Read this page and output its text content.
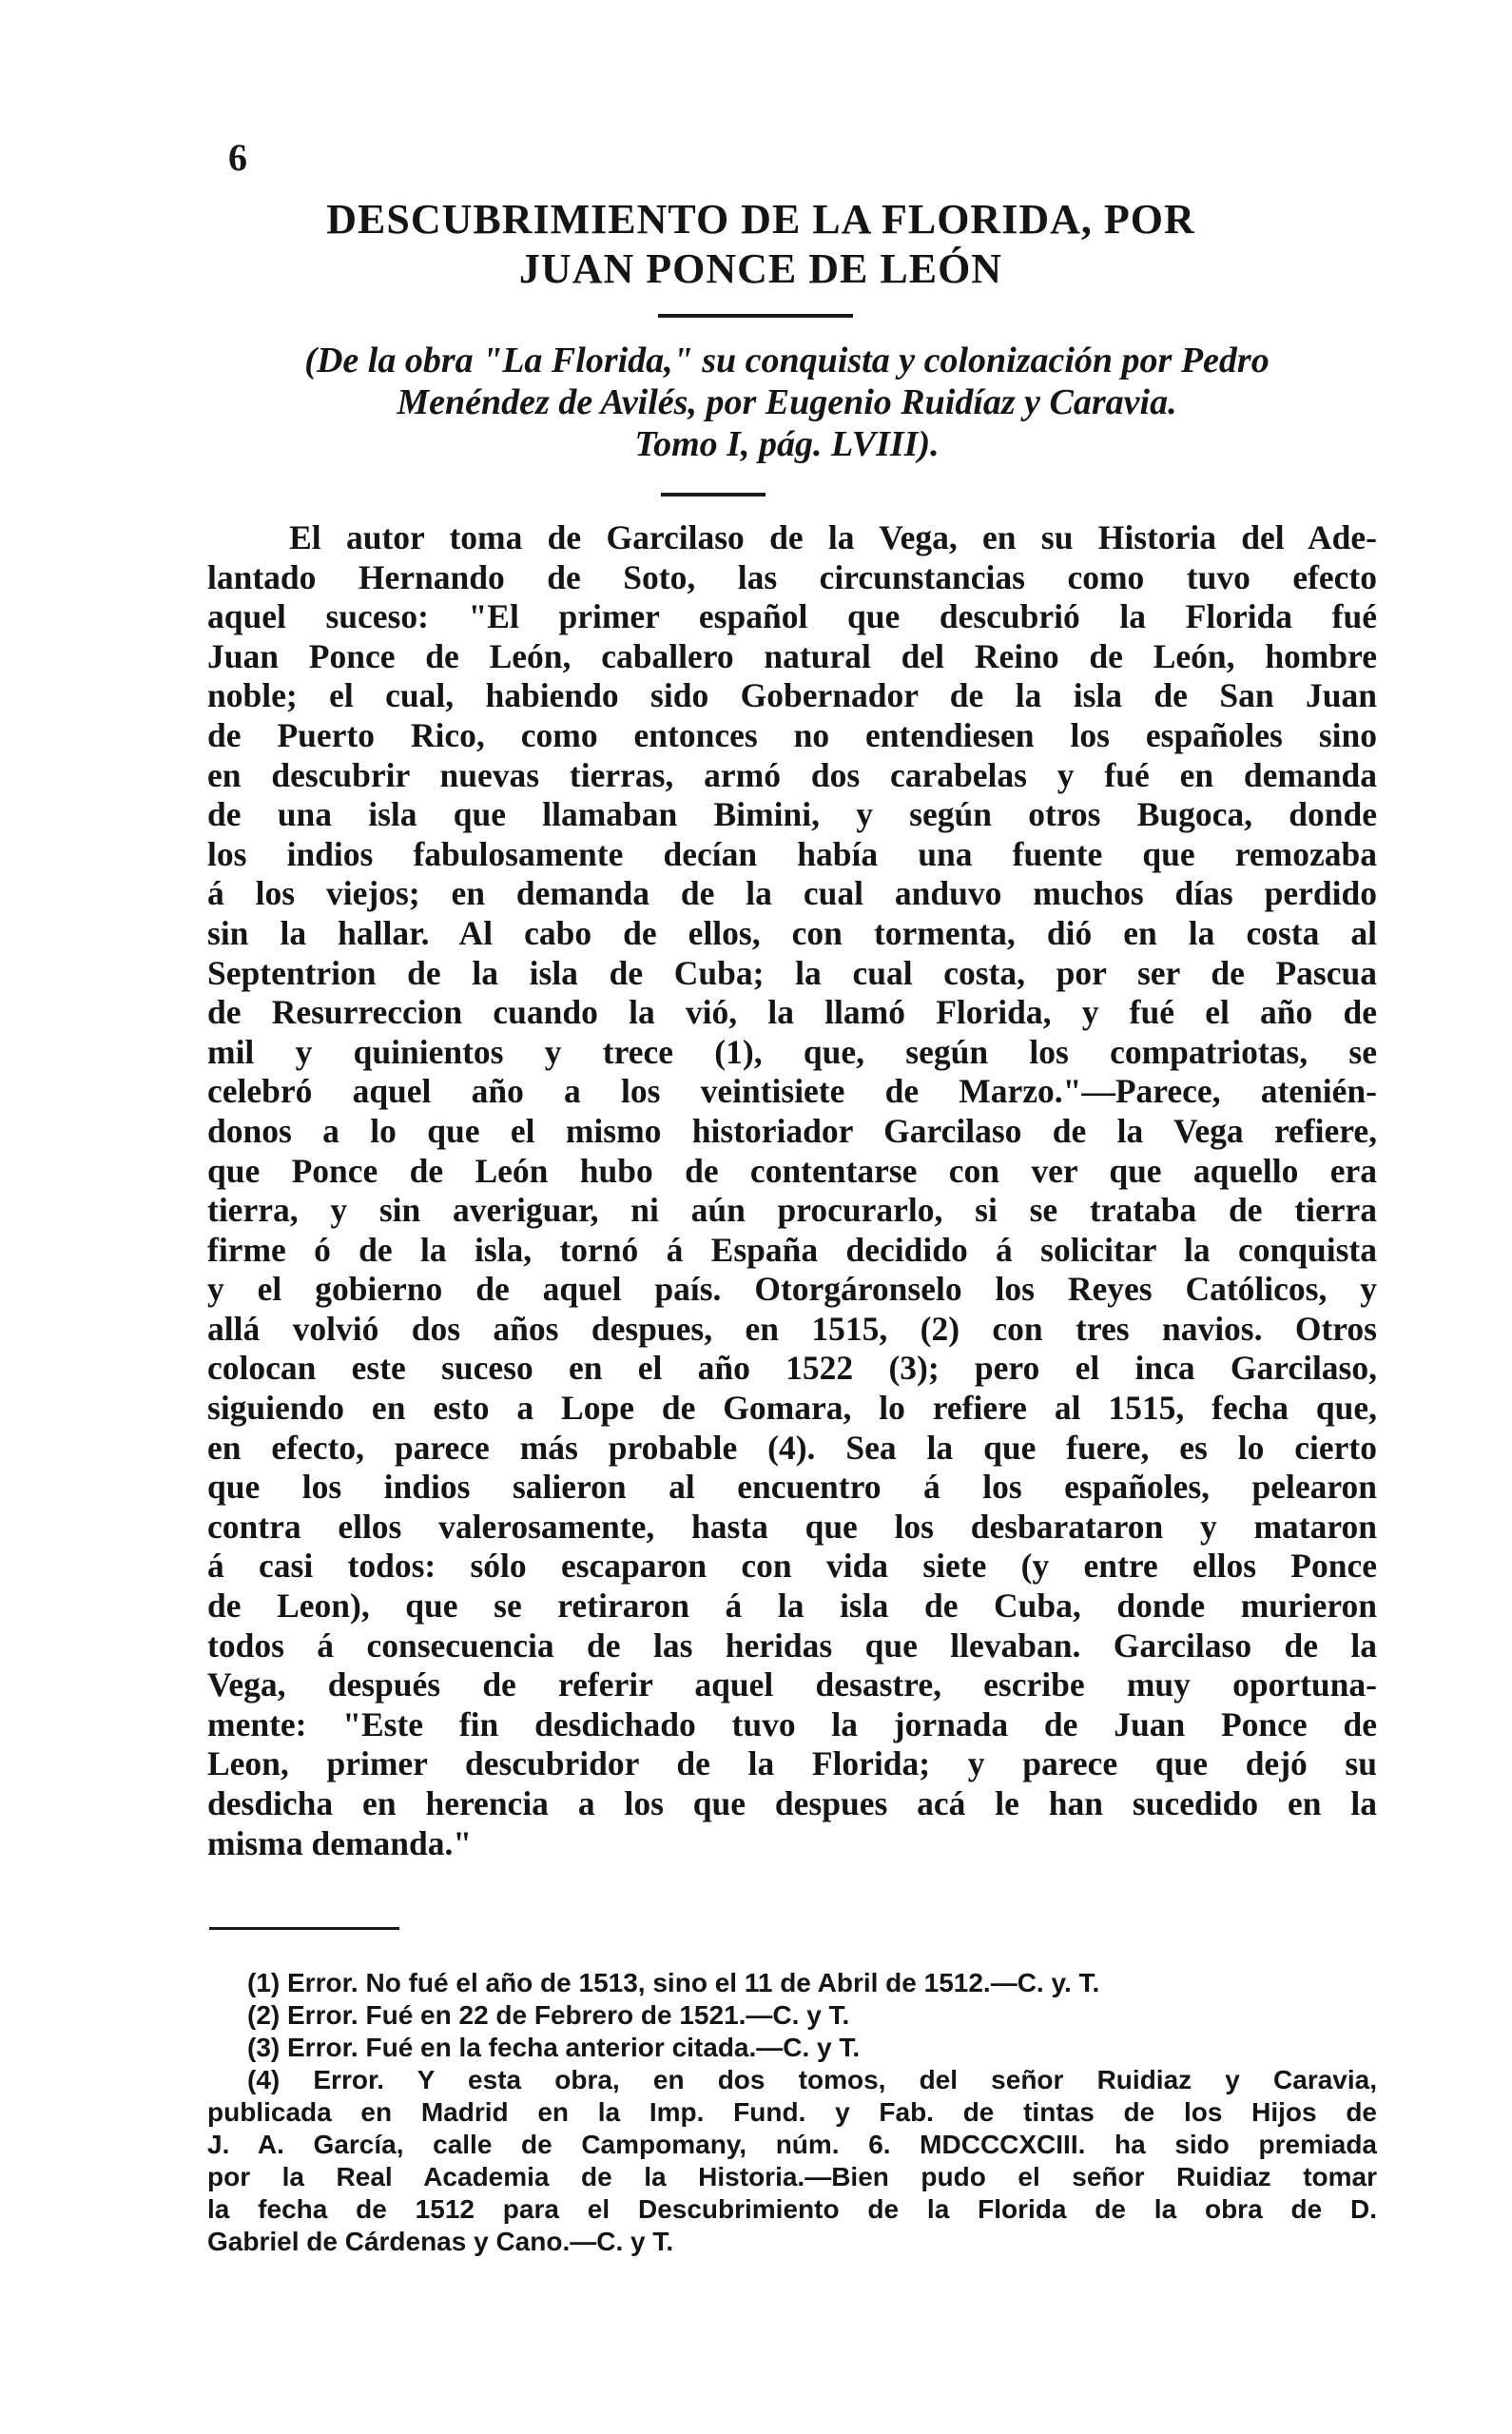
6
DESCUBRIMIENTO DE LA FLORIDA, POR
JUAN PONCE DE LEÓN
(De la obra "La Florida," su conquista y colonización por Pedro
Menéndez de Avilés, por Eugenio Ruidíaz y Caravia.
Tomo I, pág. LVIII).
El autor toma de Garcilaso de la Vega, en su Historia del Ade-
lantado Hernando de Soto, las circunstancias como tuvo efecto
aquel suceso: "El primer español que descubrió la Florida fué
Juan Ponce de León, caballero natural del Reino de León, hombre
noble; el cual, habiendo sido Gobernador de la isla de San Juan
de Puerto Rico, como entonces no entendiesen los españoles sino
en descubrir nuevas tierras, armó dos carabelas y fué en demanda
de una isla que llamaban Bimini, y según otros Bugoca, donde
los indios fabulosamente decían había una fuente que remozaba
á los viejos; en demanda de la cual anduvo muchos días perdido
sin la hallar. Al cabo de ellos, con tormenta, dió en la costa al
Septentrion de la isla de Cuba; la cual costa, por ser de Pascua
de Resurreccion cuando la vió, la llamó Florida, y fué el año de
mil y quinientos y trece (1), que, según los compatriotas, se
celebró aquel año a los veintisiete de Marzo."—Parece, atenién-
donos a lo que el mismo historiador Garcilaso de la Vega refiere,
que Ponce de León hubo de contentarse con ver que aquello era
tierra, y sin averiguar, ni aún procurarlo, si se trataba de tierra
firme ó de la isla, tornó á España decidido á solicitar la conquista
y el gobierno de aquel país. Otorgáronselo los Reyes Católicos, y
allá volvió dos años despues, en 1515, (2) con tres navios. Otros
colocan este suceso en el año 1522 (3); pero el inca Garcilaso,
siguiendo en esto a Lope de Gomara, lo refiere al 1515, fecha que,
en efecto, parece más probable (4). Sea la que fuere, es lo cierto
que los indios salieron al encuentro á los españoles, pelearon
contra ellos valerosamente, hasta que los desbarataron y mataron
á casi todos: sólo escaparon con vida siete (y entre ellos Ponce
de Leon), que se retiraron á la isla de Cuba, donde murieron
todos á consecuencia de las heridas que llevaban. Garcilaso de la
Vega, después de referir aquel desastre, escribe muy oportuna-
mente: "Este fin desdichado tuvo la jornada de Juan Ponce de
Leon, primer descubridor de la Florida; y parece que dejó su
desdicha en herencia a los que despues acá le han sucedido en la
misma demanda."
(1) Error. No fué el año de 1513, sino el 11 de Abril de 1512.—C. y. T.
(2) Error. Fué en 22 de Febrero de 1521.—C. y T.
(3) Error. Fué en la fecha anterior citada.—C. y T.
(4) Error. Y esta obra, en dos tomos, del señor Ruidiaz y Caravia,
publicada en Madrid en la Imp. Fund. y Fab. de tintas de los Hijos de
J. A. García, calle de Campomany, núm. 6. MDCCCXCIII. ha sido premiada
por la Real Academia de la Historia.—Bien pudo el señor Ruidiaz tomar
la fecha de 1512 para el Descubrimiento de la Florida de la obra de D.
Gabriel de Cárdenas y Cano.—C. y T.
